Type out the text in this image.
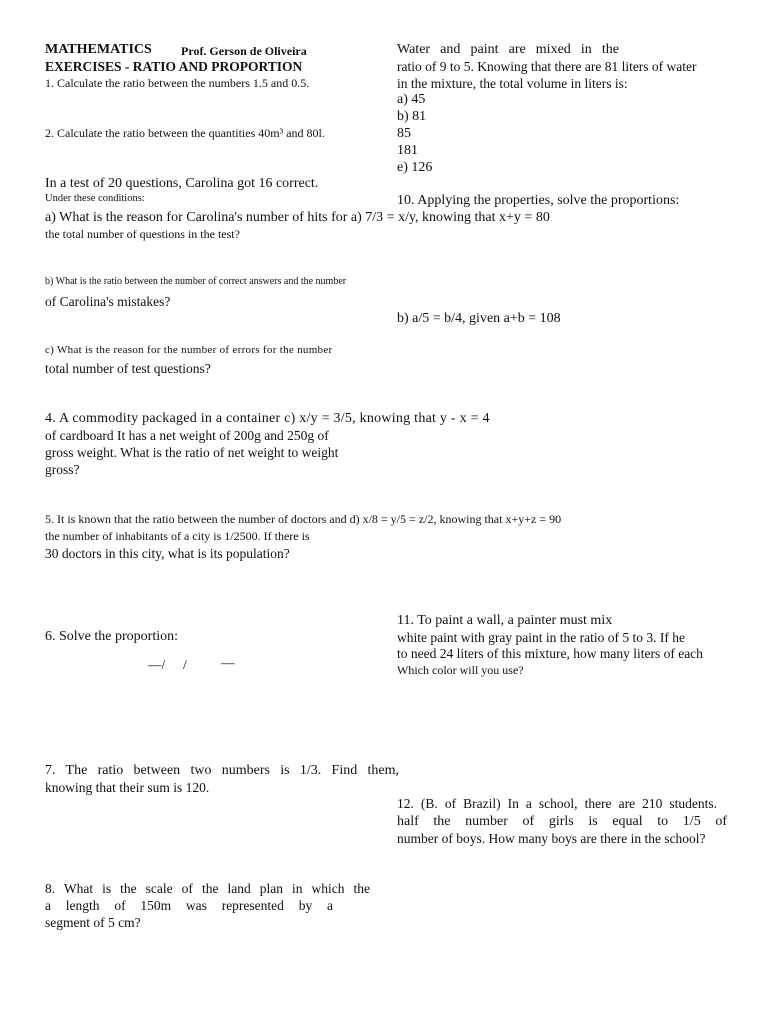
MATHEMATICS Prof. Gerson de Oliveira
EXERCISES - RATIO AND PROPORTION
1. Calculate the ratio between the numbers 1.5 and 0.5.
2. Calculate the ratio between the quantities 40m³ and 80l.
In a test of 20 questions, Carolina got 16 correct.
Under these conditions:
a) What is the reason for Carolina's number of hits for a) 7/3 = x/y, knowing that x+y = 80
the total number of questions in the test?
b) What is the ratio between the number of correct answers and the number
of Carolina's mistakes?
c) What is the reason for the number of errors for the number
total number of test questions?
4. A commodity packaged in a container c) x/y = 3/5, knowing that y - x = 4
of cardboard It has a net weight of 200g and 250g of
gross weight. What is the ratio of net weight to weight
gross?
5. It is known that the ratio between the number of doctors and d) x/8 = y/5 = z/2, knowing that x+y+z = 90
the number of inhabitants of a city is 1/2500. If there is
30 doctors in this city, what is its population?
6. Solve the proportion:
—/ /	—
7. The ratio between two numbers is 1/3. Find them,
knowing that their sum is 120.
8. What is the scale of the land plan in which the
a length of 150m was represented by a
segment of 5 cm?
Water and paint are mixed in the
ratio of 9 to 5. Knowing that there are 81 liters of water
in the mixture, the total volume in liters is:
a) 45
b) 81
85
181
e) 126
10. Applying the properties, solve the proportions:
b) a/5 = b/4, given a+b = 108
11. To paint a wall, a painter must mix
white paint with gray paint in the ratio of 5 to 3. If he
to need 24 liters of this mixture, how many liters of each
Which color will you use?
12. (B. of Brazil) In a school, there are 210 students.
half the number of girls is equal to 1/5 of
number of boys. How many boys are there in the school?
